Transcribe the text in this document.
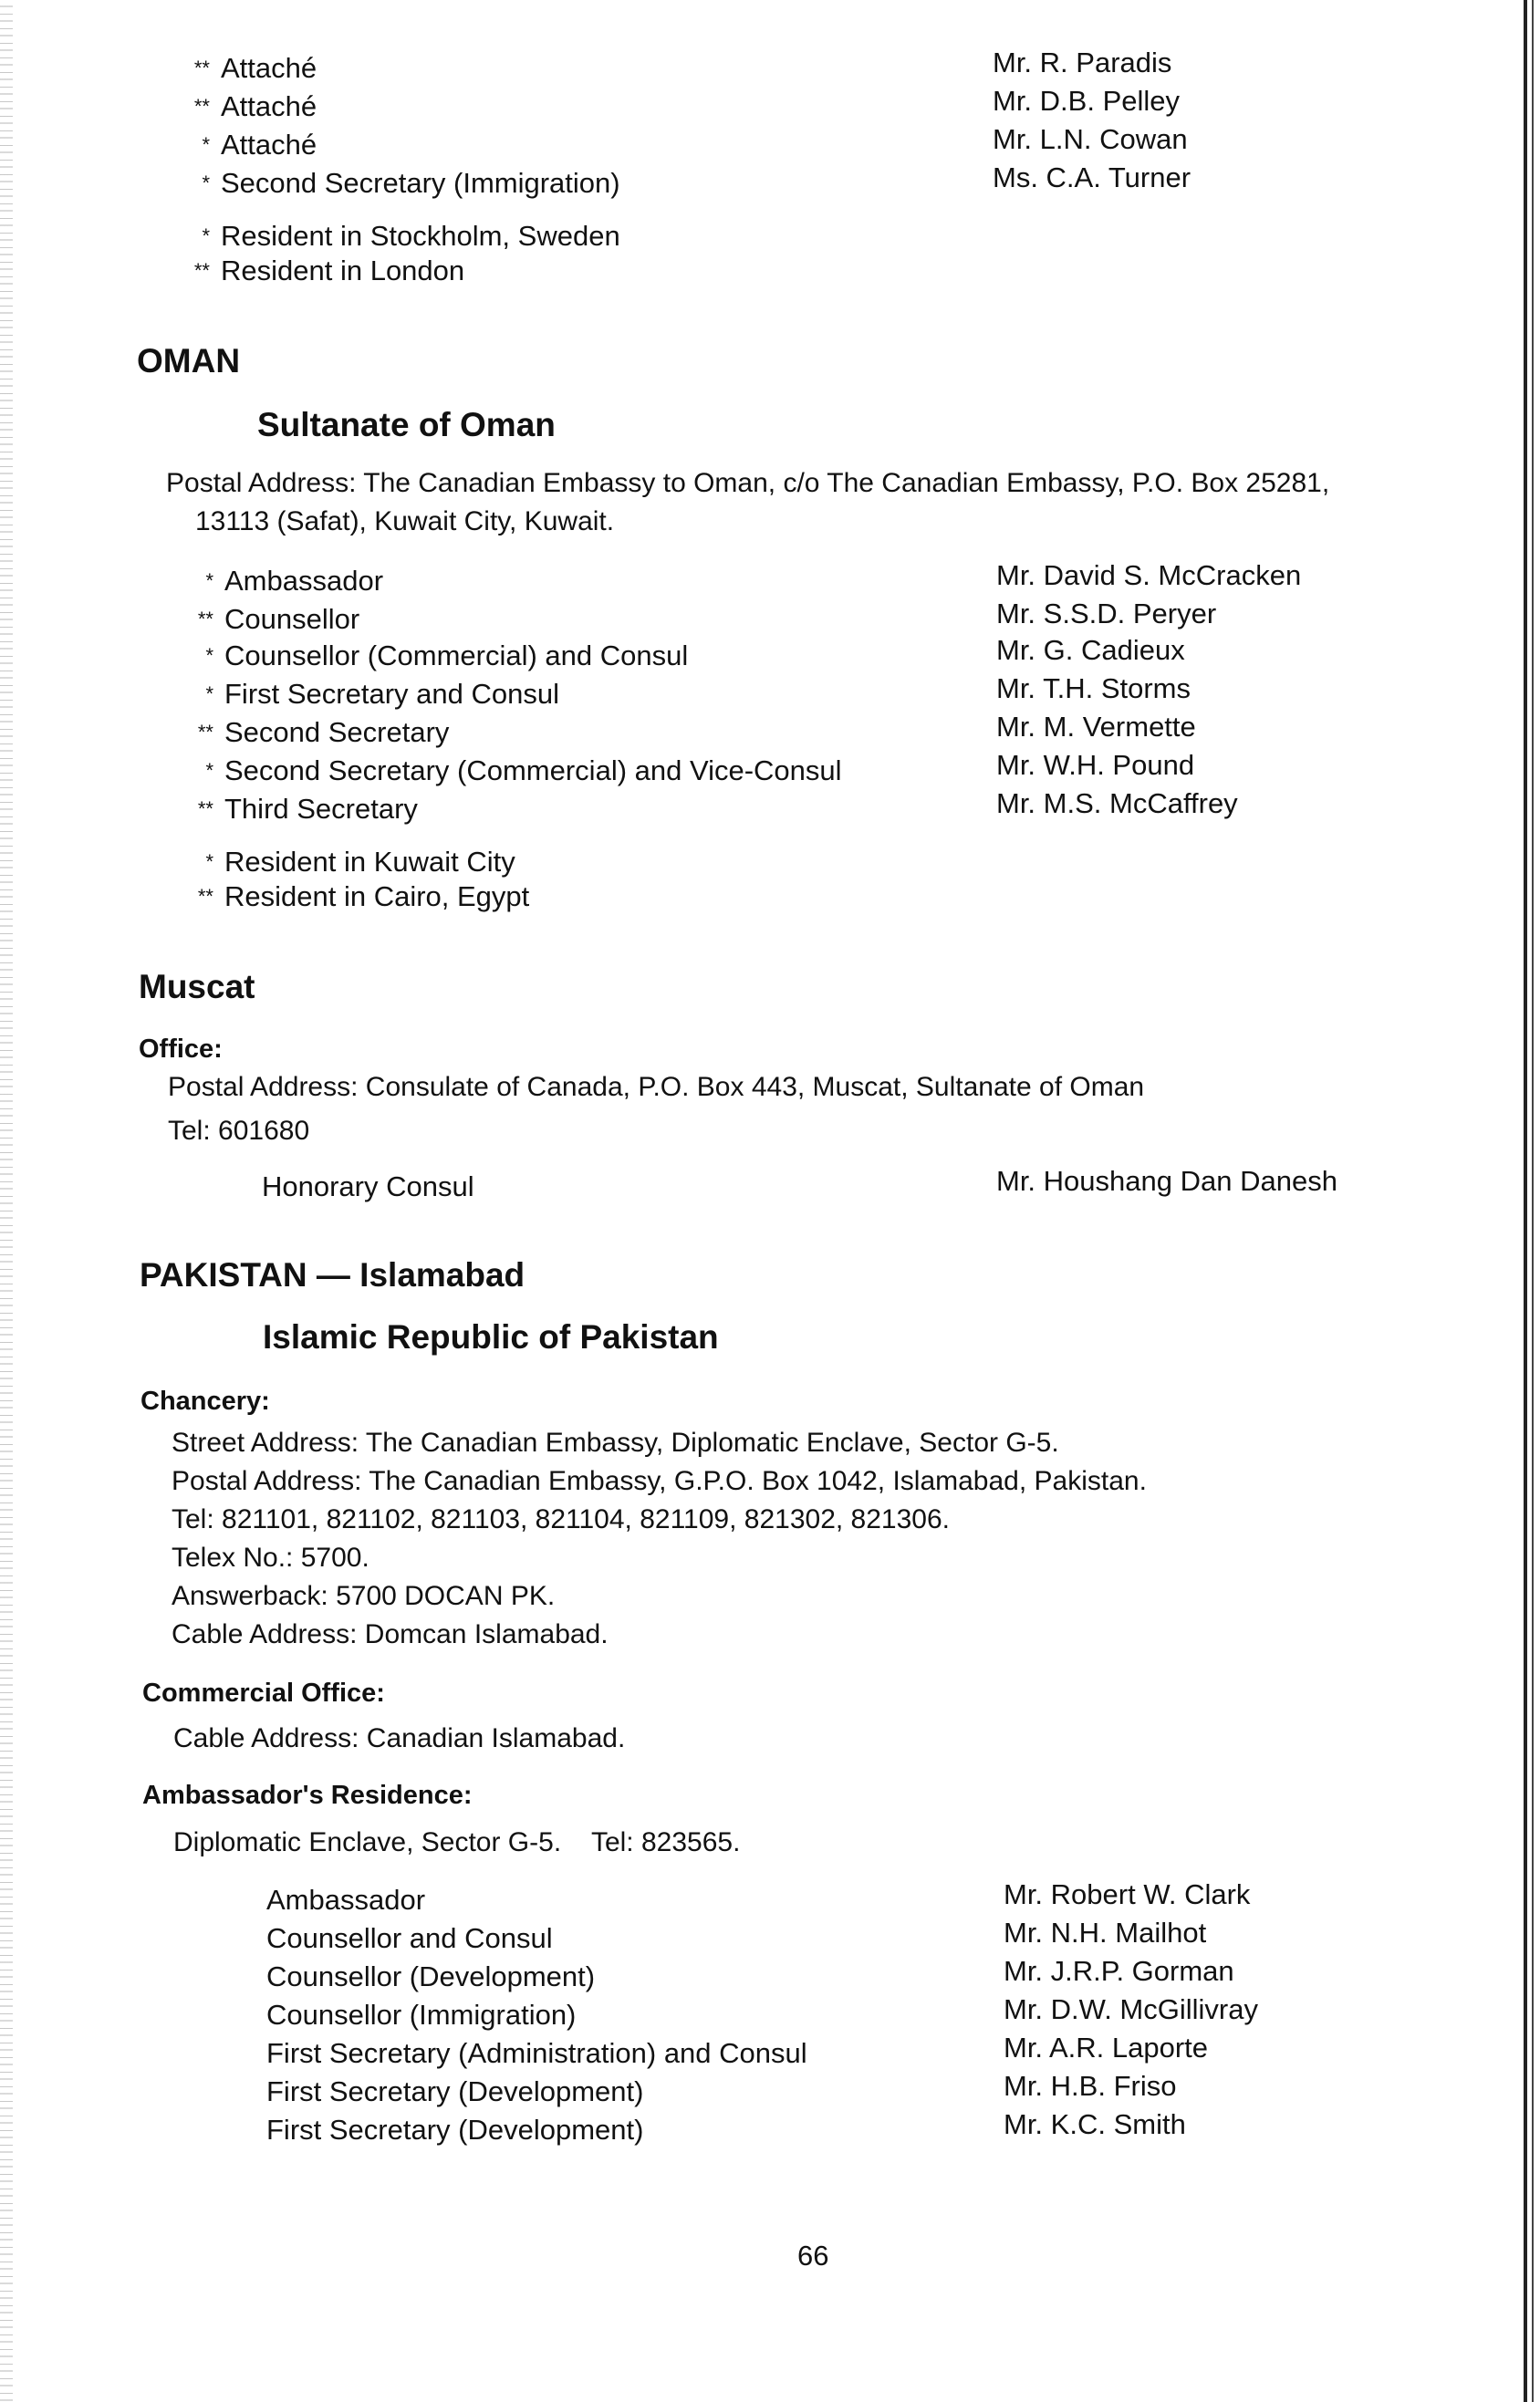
** Attaché	Mr. R. Paradis
** Attaché	Mr. D.B. Pelley
* Attaché	Mr. L.N. Cowan
* Second Secretary (Immigration)	Ms. C.A. Turner
* Resident in Stockholm, Sweden
** Resident in London
OMAN
Sultanate of Oman
Postal Address: The Canadian Embassy to Oman, c/o The Canadian Embassy, P.O. Box 25281,
13113 (Safat), Kuwait City, Kuwait.
* Ambassador	Mr. David S. McCracken
** Counsellor	Mr. S.S.D. Peryer
* Counsellor (Commercial) and Consul	Mr. G. Cadieux
* First Secretary and Consul	Mr. T.H. Storms
** Second Secretary	Mr. M. Vermette
* Second Secretary (Commercial) and Vice-Consul	Mr. W.H. Pound
** Third Secretary	Mr. M.S. McCaffrey
* Resident in Kuwait City
** Resident in Cairo, Egypt
Muscat
Office:
Postal Address: Consulate of Canada, P.O. Box 443, Muscat, Sultanate of Oman
Tel: 601680
Honorary Consul	Mr. Houshang Dan Danesh
PAKISTAN — Islamabad
Islamic Republic of Pakistan
Chancery:
Street Address: The Canadian Embassy, Diplomatic Enclave, Sector G-5.
Postal Address: The Canadian Embassy, G.P.O. Box 1042, Islamabad, Pakistan.
Tel: 821101, 821102, 821103, 821104, 821109, 821302, 821306.
Telex No.: 5700.
Answerback: 5700 DOCAN PK.
Cable Address: Domcan Islamabad.
Commercial Office:
Cable Address: Canadian Islamabad.
Ambassador's Residence:
Diplomatic Enclave, Sector G-5.    Tel: 823565.
Ambassador	Mr. Robert W. Clark
Counsellor and Consul	Mr. N.H. Mailhot
Counsellor (Development)	Mr. J.R.P. Gorman
Counsellor (Immigration)	Mr. D.W. McGillivray
First Secretary (Administration) and Consul	Mr. A.R. Laporte
First Secretary (Development)	Mr. H.B. Friso
First Secretary (Development)	Mr. K.C. Smith
66
